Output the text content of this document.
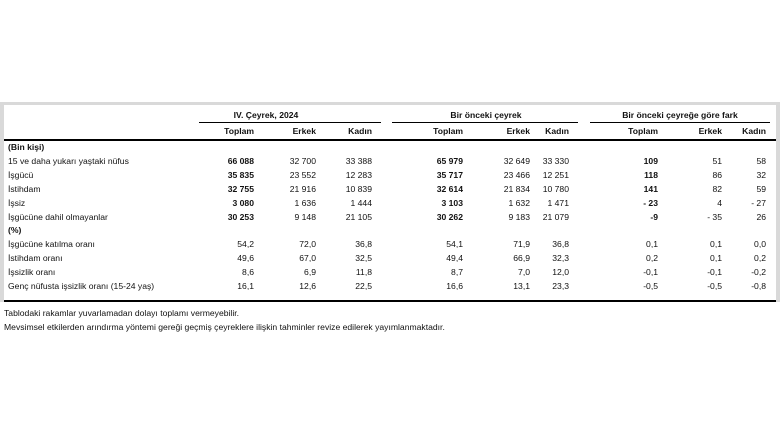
IV. Çeyrek, 2024	Bir önceki çeyrek	Bir önceki çeyreğe göre fark
Toplam	Erkek	Kadın	Toplam	Erkek	Kadın	Toplam	Erkek	Kadın
(Bin kişi)
(%)
15 ve daha yukarı yaştaki nüfus	66 088	32 700	33 388	65 979	32 649	33 330	109	51	58
İşgücü	35 835	23 552	12 283	35 717	23 466	12 251	118	86	32
İstihdam	32 755	21 916	10 839	32 614	21 834	10 780	141	82	59
İşsiz	3 080	1 636	1 444	3 103	1 632	1 471	- 23	4	- 27
İşgücüne dahil olmayanlar	30 253	9 148	21 105	30 262	9 183	21 079	-9	- 35	26
İşgücüne katılma oranı	54,2	72,0	36,8	54,1	71,9	36,8	0,1	0,1	0,0
İstihdam oranı	49,6	67,0	32,5	49,4	66,9	32,3	0,2	0,1	0,2
İşsizlik oranı	8,6	6,9	11,8	8,7	7,0	12,0	-0,1	-0,1	-0,2
Genç nüfusta işsizlik oranı (15-24 yaş)	16,1	12,6	22,5	16,6	13,1	23,3	-0,5	-0,5	-0,8
Tablodaki rakamlar yuvarlamadan dolayı toplamı vermeyebilir.
Mevsimsel etkilerden arındırma yöntemi gereği geçmiş çeyreklere ilişkin tahminler revize edilerek yayımlanmaktadır.
